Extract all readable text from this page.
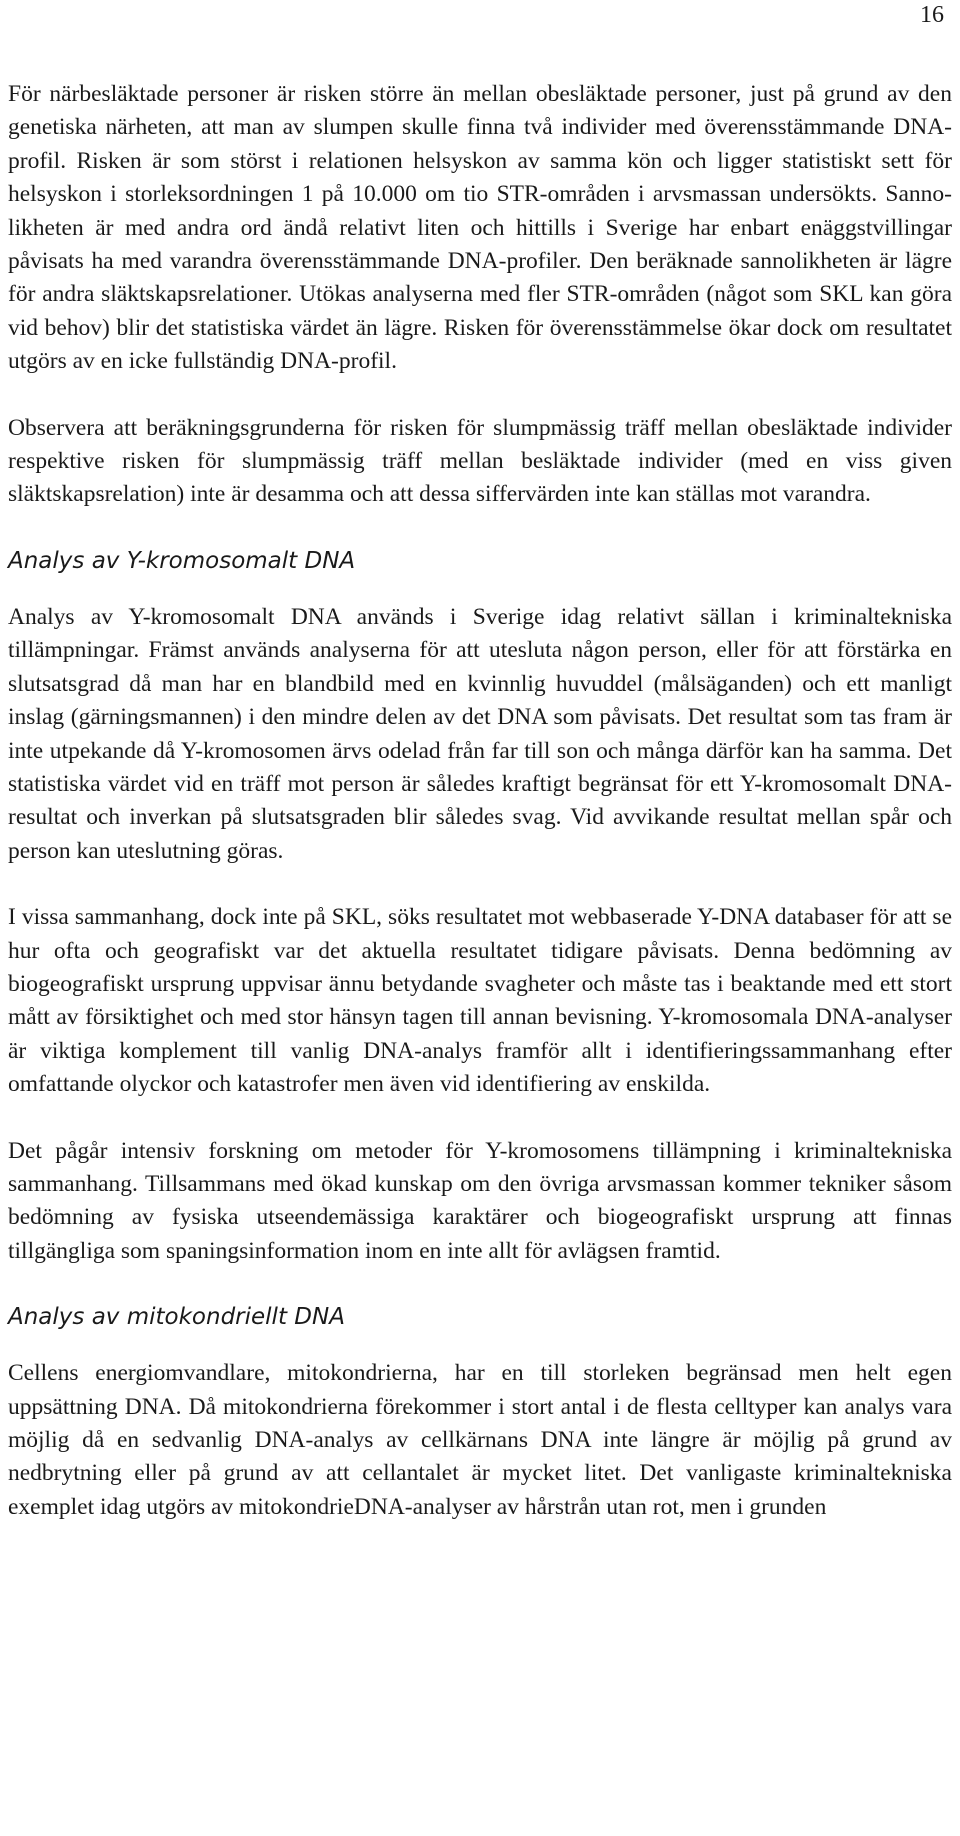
16

För närbesläktade personer är risken större än mellan obesläktade personer, just på grund av den genetiska närheten, att man av slumpen skulle finna två individer med överensstämmande DNA-profil. Risken är som störst i relationen helsyskon av samma kön och ligger statistiskt sett för helsyskon i storleksordningen 1 på 10.000 om tio STR-områden i arvsmassan undersökts. Sannolikheten är med andra ord ändå relativt liten och hittills i Sverige har enbart enäggstvillingar påvisats ha med varandra överensstämmande DNA-profiler. Den beräknade sannolikheten är lägre för andra släktskapsrelationer. Utökas analyserna med fler STR-områden (något som SKL kan göra vid behov) blir det statistiska värdet än lägre. Risken för överensstämmelse ökar dock om resultatet utgörs av en icke fullständig DNA-profil.

Observera att beräkningsgrunderna för risken för slumpmässig träff mellan obesläktade individer respektive risken för slumpmässig träff mellan besläktade individer (med en viss given släktskapsrelation) inte är desamma och att dessa siffervärden inte kan ställas mot varandra.

Analys av Y-kromosomalt DNA

Analys av Y-kromosomalt DNA används i Sverige idag relativt sällan i kriminaltekniska tillämpningar. Främst används analyserna för att utesluta någon person, eller för att förstärka en slutsatsgrad då man har en blandbild med en kvinnlig huvuddel (målsäganden) och ett manligt inslag (gärningsmannen) i den mindre delen av det DNA som påvisats. Det resultat som tas fram är inte utpekande då Y-kromosomen ärvs odelad från far till son och många därför kan ha samma. Det statistiska värdet vid en träff mot person är således kraftigt begränsat för ett Y-kromosomalt DNA-resultat och inverkan på slutsatsgraden blir således svag. Vid avvikande resultat mellan spår och person kan uteslutning göras.

I vissa sammanhang, dock inte på SKL, söks resultatet mot webbaserade Y-DNA databaser för att se hur ofta och geografiskt var det aktuella resultatet tidigare påvisats. Denna bedömning av biogeografiskt ursprung uppvisar ännu betydande svagheter och måste tas i beaktande med ett stort mått av försiktighet och med stor hänsyn tagen till annan bevisning. Y-kromosomala DNA-analyser är viktiga komplement till vanlig DNA-analys framför allt i identifieringssammanhang efter omfattande olyckor och katastrofer men även vid identifiering av enskilda.

Det pågår intensiv forskning om metoder för Y-kromosomens tillämpning i kriminaltekniska sammanhang. Tillsammans med ökad kunskap om den övriga arvsmassan kommer tekniker såsom bedömning av fysiska utseendemässiga karaktärer och biogeografiskt ursprung att finnas tillgängliga som spaningsinformation inom en inte allt för avlägsen framtid.

Analys av mitokondriellt DNA

Cellens energiomvandlare, mitokondrierna, har en till storleken begränsad men helt egen uppsättning DNA. Då mitokondrierna förekommer i stort antal i de flesta celltyper kan analys vara möjlig då en sedvanlig DNA-analys av cellkärnans DNA inte längre är möjlig på grund av nedbrytning eller på grund av att cellantalet är mycket litet. Det vanligaste kriminaltekniska exemplet idag utgörs av mitokondrieDNA-analyser av hårstrån utan rot, men i grunden
